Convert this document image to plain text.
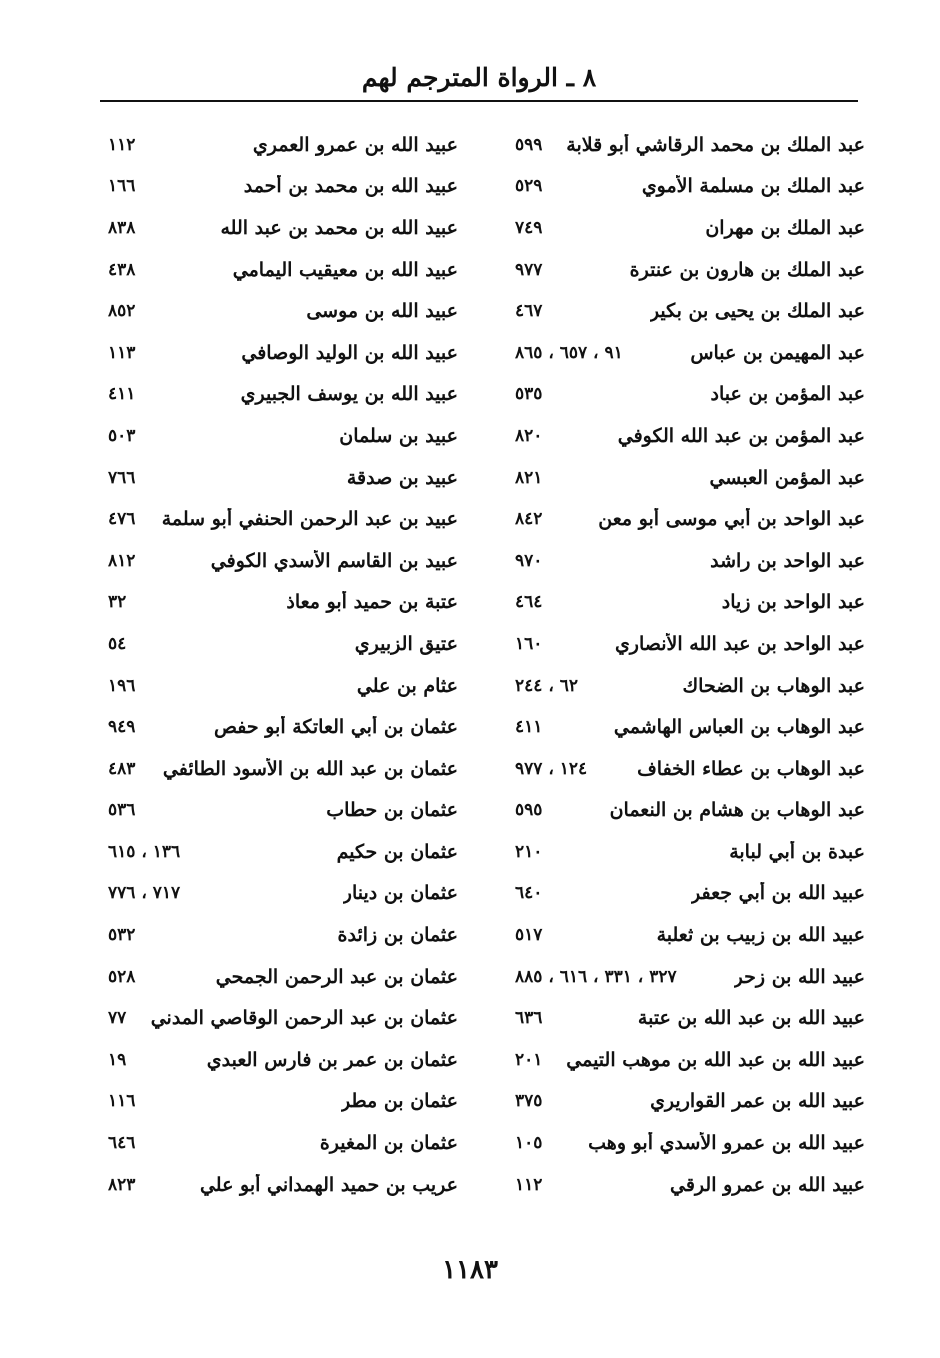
٨ ـ الرواة المترجم لهم
عبد الملك بن محمد الرقاشي أبو قلابة
٥٩٩
عبد الملك بن مسلمة الأموي
٥٢٩
عبد الملك بن مهران
٧٤٩
عبد الملك بن هارون بن عنترة
٩٧٧
عبد الملك بن يحيى بن بكير
٤٦٧
عبد المهيمن بن عباس
٩١ ، ٦٥٧ ، ٨٦٥
عبد المؤمن بن عباد
٥٣٥
عبد المؤمن بن عبد الله الكوفي
٨٢٠
عبد المؤمن العبسي
٨٢١
عبد الواحد بن أبي موسى أبو معن
٨٤٢
عبد الواحد بن راشد
٩٧٠
عبد الواحد بن زياد
٤٦٤
عبد الواحد بن عبد الله الأنصاري
١٦٠
عبد الوهاب بن الضحاك
٦٢ ، ٢٤٤
عبد الوهاب بن العباس الهاشمي
٤١١
عبد الوهاب بن عطاء الخفاف
١٢٤ ، ٩٧٧
عبد الوهاب بن هشام بن النعمان
٥٩٥
عبدة بن أبي لبابة
٢١٠
عبيد الله بن أبي جعفر
٦٤٠
عبيد الله بن زبيب بن ثعلبة
٥١٧
عبيد الله بن زحر
٣٢٧ ، ٣٣١ ، ٦١٦ ، ٨٨٥
عبيد الله بن عبد الله بن عتبة
٦٣٦
عبيد الله بن عبد الله بن موهب التيمي
٢٠١
عبيد الله بن عمر القواريري
٣٧٥
عبيد الله بن عمرو الأسدي أبو وهب
١٠٥
عبيد الله بن عمرو الرقي
١١٢
عبيد الله بن عمرو العمري
١١٢
عبيد الله بن محمد بن أحمد
١٦٦
عبيد الله بن محمد بن عبد الله
٨٣٨
عبيد الله بن معيقيب اليمامي
٤٣٨
عبيد الله بن موسى
٨٥٢
عبيد الله بن الوليد الوصافي
١١٣
عبيد الله بن يوسف الجبيري
٤١١
عبيد بن سلمان
٥٠٣
عبيد بن صدقة
٧٦٦
عبيد بن عبد الرحمن الحنفي أبو سلمة
٤٧٦
عبيد بن القاسم الأسدي الكوفي
٨١٢
عتبة بن حميد أبو معاذ
٣٢
عتيق الزبيري
٥٤
عثام بن علي
١٩٦
عثمان بن أبي العاتكة أبو حفص
٩٤٩
عثمان بن عبد الله بن الأسود الطائفي
٤٨٣
عثمان بن حطاب
٥٣٦
عثمان بن حكيم
١٣٦ ، ٦١٥
عثمان بن دينار
٧١٧ ، ٧٧٦
عثمان بن زائدة
٥٣٢
عثمان بن عبد الرحمن الجمحي
٥٢٨
عثمان بن عبد الرحمن الوقاصي المدني
٧٧
عثمان بن عمر بن فارس العبدي
١٩
عثمان بن مطر
١١٦
عثمان بن المغيرة
٦٤٦
عريب بن حميد الهمداني أبو علي
٨٢٣
١١٨٣
